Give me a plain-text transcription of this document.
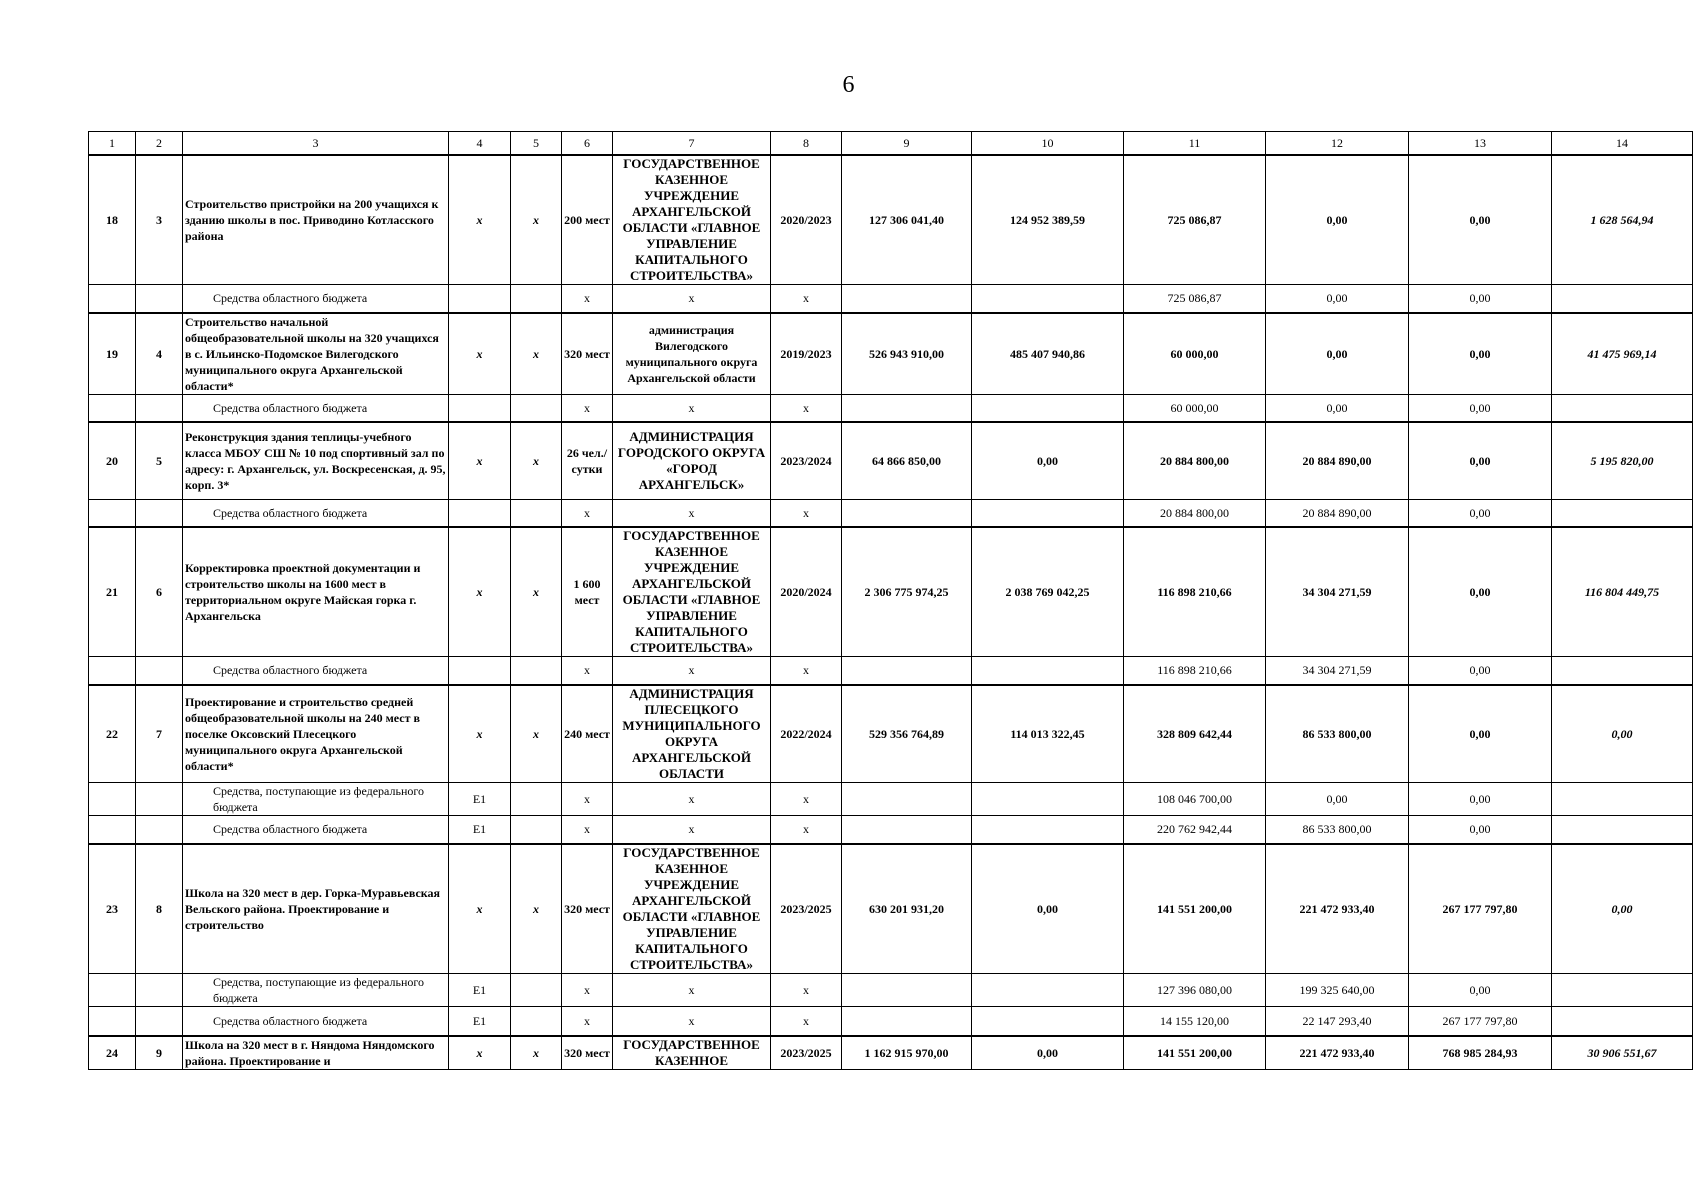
6
1	2	3	4	5	6	7	8	9	10	11	12	13	14
18	3	Строительство пристройки на 200 учащихся к зданию школы в пос. Приводино Котласского района	x	x	200 мест	ГОСУДАРСТВЕННОЕ КАЗЕННОЕ УЧРЕЖДЕНИЕ АРХАНГЕЛЬСКОЙ ОБЛАСТИ «ГЛАВНОЕ УПРАВЛЕНИЕ КАПИТАЛЬНОГО СТРОИТЕЛЬСТВА»	2020/2023	127 306 041,40	124 952 389,59	725 086,87	0,00	0,00	1 628 564,94
		Средства областного бюджета			x	x	x			725 086,87	0,00	0,00	
19	4	Строительство начальной общеобразовательной школы на 320 учащихся в с. Ильинско-Подомское Вилегодского муниципального округа Архангельской области*	x	x	320 мест	администрация Вилегодского муниципального округа Архангельской области	2019/2023	526 943 910,00	485 407 940,86	60 000,00	0,00	0,00	41 475 969,14
		Средства областного бюджета			x	x	x			60 000,00	0,00	0,00	
20	5	Реконструкция здания теплицы-учебного класса МБОУ СШ № 10 под спортивный зал по адресу: г. Архангельск, ул. Воскресенская, д. 95, корп. 3*	x	x	26 чел./сутки	АДМИНИСТРАЦИЯ ГОРОДСКОГО ОКРУГА «ГОРОД АРХАНГЕЛЬСК»	2023/2024	64 866 850,00	0,00	20 884 800,00	20 884 890,00	0,00	5 195 820,00
		Средства областного бюджета			x	x	x			20 884 800,00	20 884 890,00	0,00	
21	6	Корректировка проектной документации и строительство школы на 1600 мест в территориальном округе Майская горка г. Архангельска	x	x	1 600 мест	ГОСУДАРСТВЕННОЕ КАЗЕННОЕ УЧРЕЖДЕНИЕ АРХАНГЕЛЬСКОЙ ОБЛАСТИ «ГЛАВНОЕ УПРАВЛЕНИЕ КАПИТАЛЬНОГО СТРОИТЕЛЬСТВА»	2020/2024	2 306 775 974,25	2 038 769 042,25	116 898 210,66	34 304 271,59	0,00	116 804 449,75
		Средства областного бюджета			x	x	x			116 898 210,66	34 304 271,59	0,00	
22	7	Проектирование и строительство средней общеобразовательной школы на 240 мест в поселке Оксовский Плесецкого муниципального округа Архангельской области*	x	x	240 мест	АДМИНИСТРАЦИЯ ПЛЕСЕЦКОГО МУНИЦИПАЛЬНОГО ОКРУГА АРХАНГЕЛЬСКОЙ ОБЛАСТИ	2022/2024	529 356 764,89	114 013 322,45	328 809 642,44	86 533 800,00	0,00	0,00
		Средства, поступающие из федерального бюджета	Е1		x	x	x			108 046 700,00	0,00	0,00	
		Средства областного бюджета	Е1		x	x	x			220 762 942,44	86 533 800,00	0,00	
23	8	Школа на 320 мест в дер. Горка-Муравьевская Вельского района. Проектирование и строительство	x	x	320 мест	ГОСУДАРСТВЕННОЕ КАЗЕННОЕ УЧРЕЖДЕНИЕ АРХАНГЕЛЬСКОЙ ОБЛАСТИ «ГЛАВНОЕ УПРАВЛЕНИЕ КАПИТАЛЬНОГО СТРОИТЕЛЬСТВА»	2023/2025	630 201 931,20	0,00	141 551 200,00	221 472 933,40	267 177 797,80	0,00
		Средства, поступающие из федерального бюджета	Е1		x	x	x			127 396 080,00	199 325 640,00	0,00	
		Средства областного бюджета	Е1		x	x	x			14 155 120,00	22 147 293,40	267 177 797,80	
24	9	Школа на 320 мест в г. Няндома Няндомского района. Проектирование и	x	x	320 мест	ГОСУДАРСТВЕННОЕ КАЗЕННОЕ	2023/2025	1 162 915 970,00	0,00	141 551 200,00	221 472 933,40	768 985 284,93	30 906 551,67
